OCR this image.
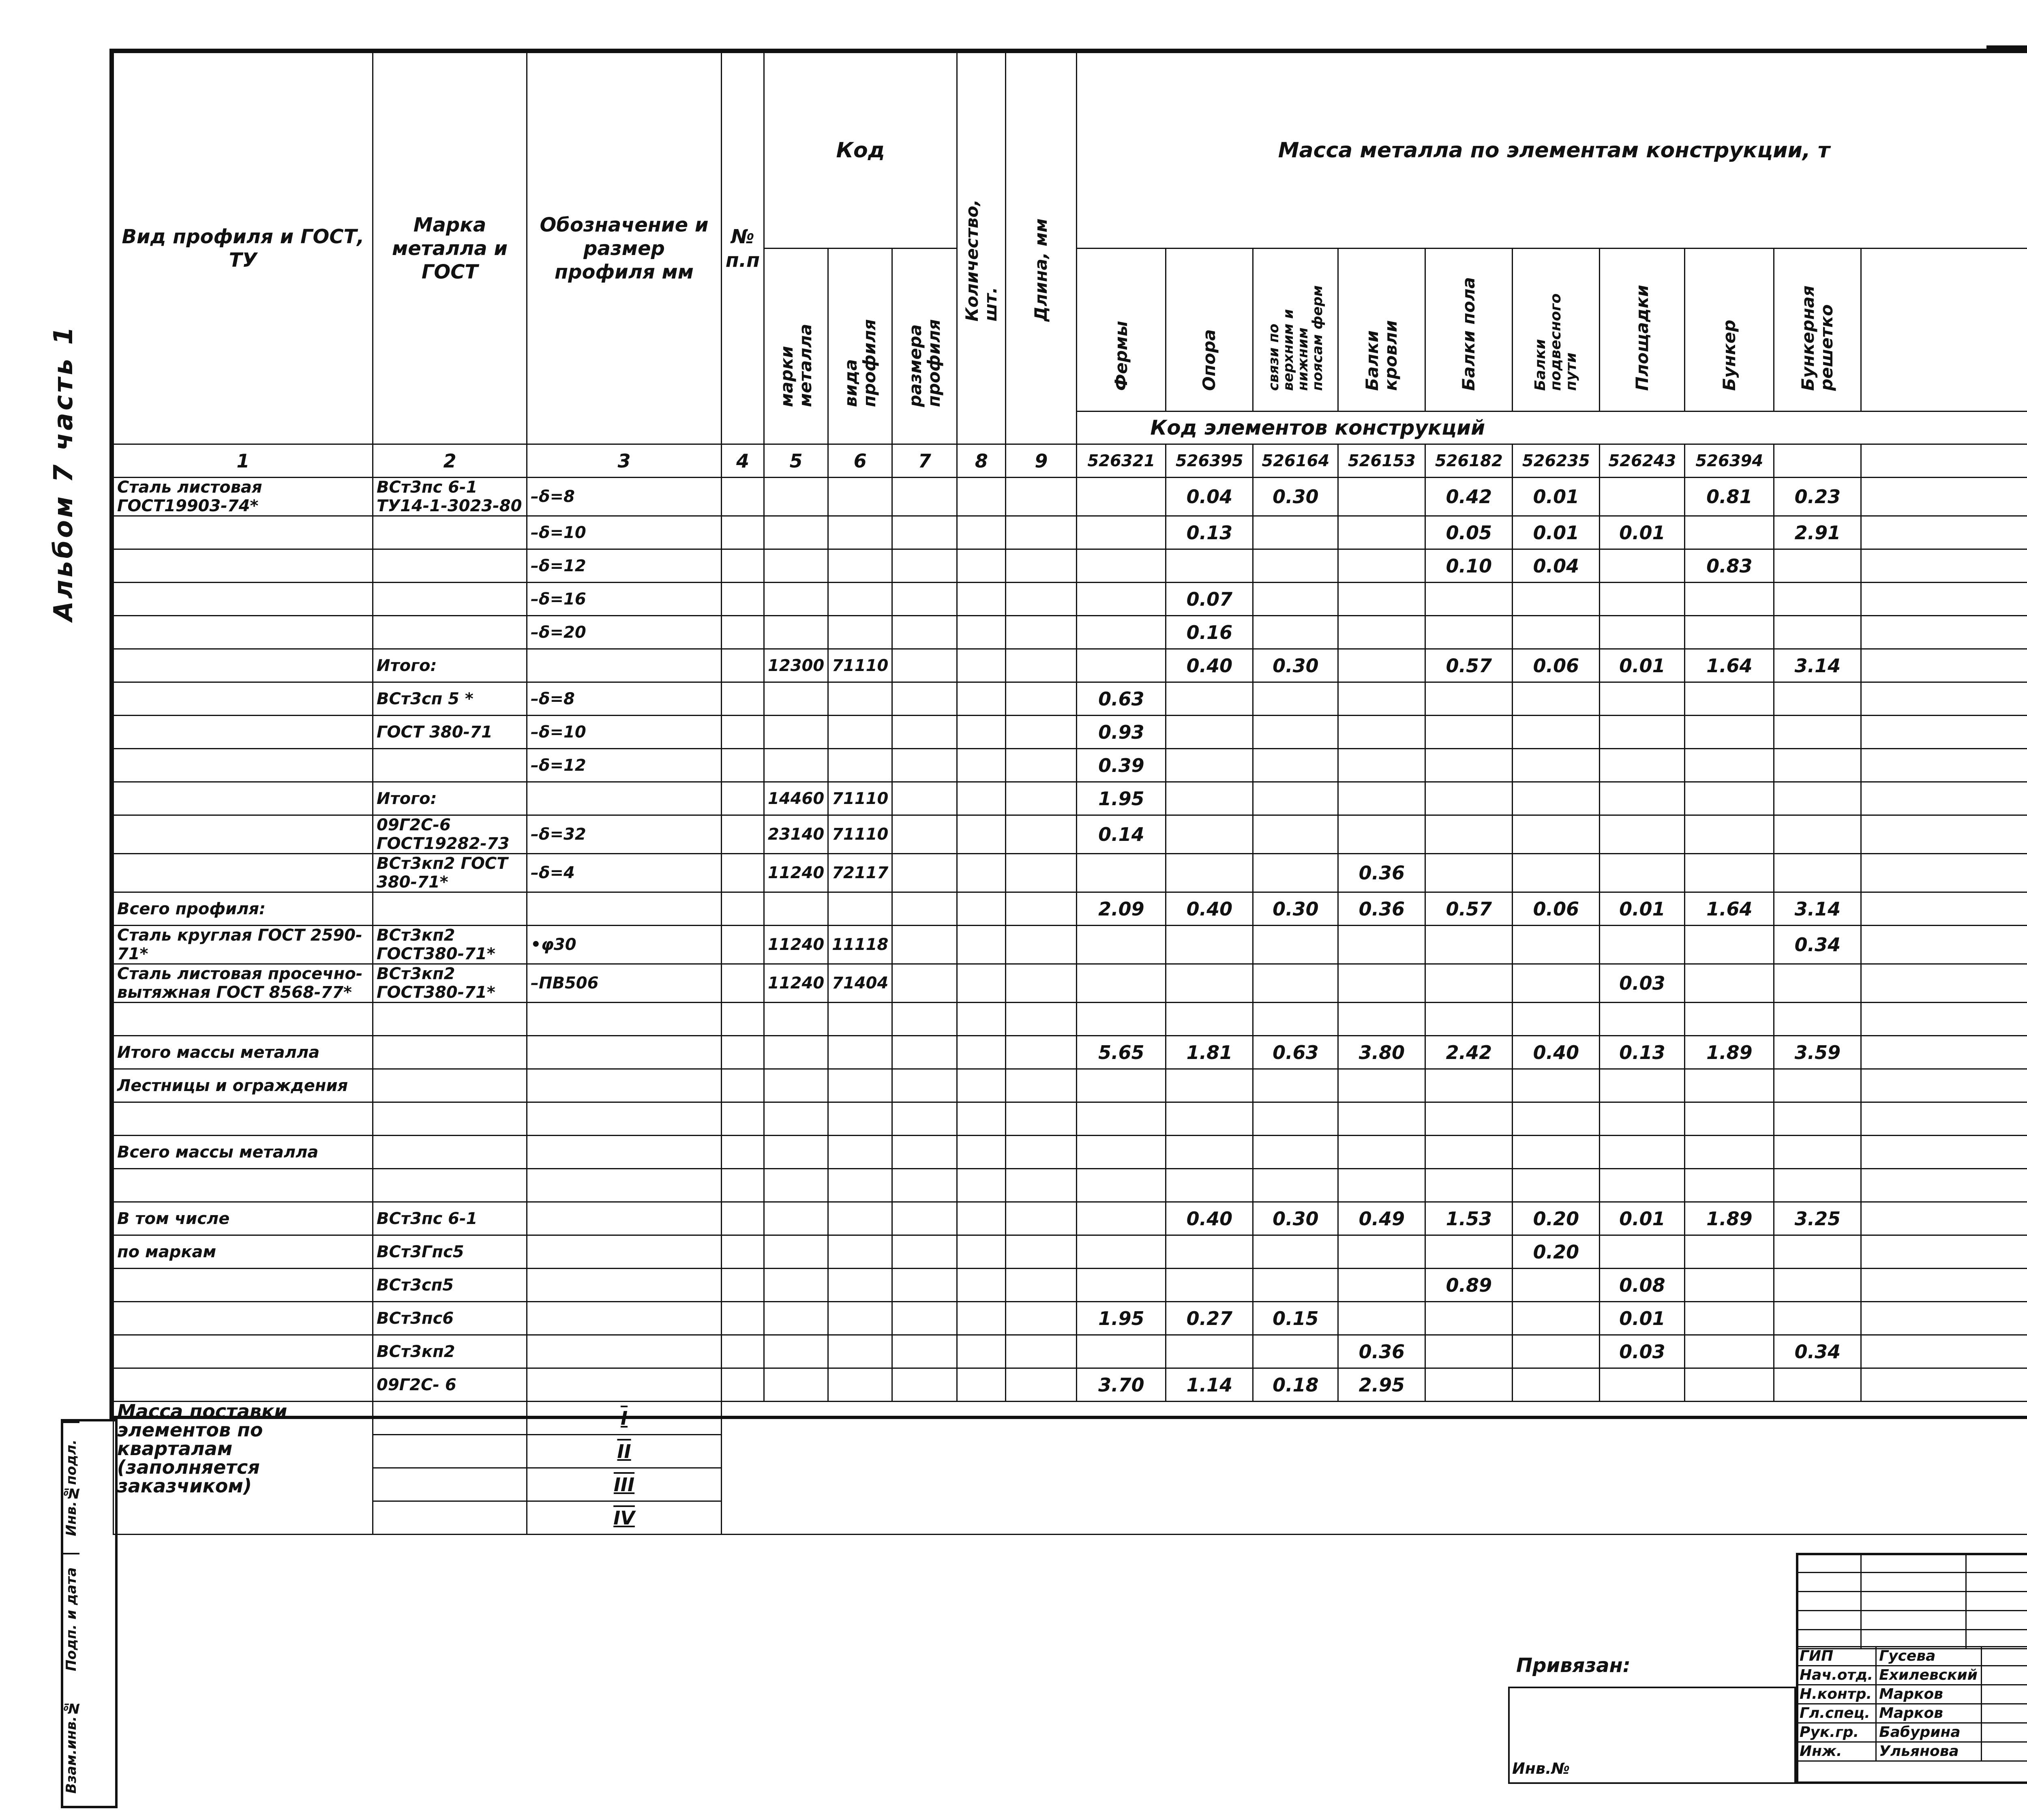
Альбом 7 часть 1
Вид профиля и ГОСТ, ТУ	Марка металла и ГОСТ	Обозначение и размер профиля мм	№ п.п	Код			Количество, шт.	Длина, мм	Масса металла по элементам конструкции, т	

				марки металла	вида профиля	размера профиля			Фермы	Опора	связи по верхним и нижним поясам ферм	Балки кровли	Балки пола	Балки подвесного пути	Площадки	Бункер	Бункерная решетко

									Код элементов конструкций															
1	2	3	4	5	6	7	8	9	526321	526395	526164	526153	526182	526235	526243	526394								
Сталь листовая ГОСТ19903-74*	ВСт3пс 6-1 ТУ14-1-3023-80	–δ=8								0.04	0.30		0.42	0.01		0.81	0.23							
		–δ=10								0.13			0.05	0.01	0.01		2.91							
		–δ=12											0.10	0.04		0.83								
		–δ=16								0.07														
		–δ=20								0.16														
	Итого:			12300	71110					0.40	0.30		0.57	0.06	0.01	1.64	3.14							
	ВСт3сп 5 *	–δ=8							0.63															
	ГОСТ 380-71	–δ=10							0.93															
		–δ=12							0.39															
	Итого:			14460	71110				1.95															
	09Г2С-6 ГОСТ19282-73	–δ=32		23140	71110				0.14															
	ВСт3кп2 ГОСТ 380-71*	–δ=4		11240	72117							0.36												
Всего профиля:									2.09	0.40	0.30	0.36	0.57	0.06	0.01	1.64	3.14							
Сталь круглая ГОСТ 2590-71*	ВСт3кп2 ГОСТ380-71*	•φ30		11240	11118												0.34							
Сталь листовая просечно-вытяжная ГОСТ 8568-77*	ВСт3кп2 ГОСТ380-71*	–ПВ506		11240	71404										0.03									

Итого массы металла									5.65	1.81	0.63	3.80	2.42	0.40	0.13	1.89	3.59							
Лестницы и ограждения																								

Всего массы металла																								

В том числе	ВСт3пс 6-1									0.40	0.30	0.49	1.53	0.20	0.01	1.89	3.25							
по маркам	ВСт3Гпс5													0.20										
	ВСт3сп5												0.89		0.08									
	ВСт3пс6								1.95	0.27	0.15				0.01									
	ВСт3кп2											0.36			0.03		0.34							
	09Г2С- 6								3.70	1.14	0.18	2.95												
Масса поставки элементов по кварталам (заполняется заказчиком)		I																						
		II																						
		III																						
		IV																						
Инв.№подл.
Подп. и дата
Взам.инв.№
Привязан:
Инв.№
ГИП	Гусева		
Нач.отд.	Ехилевский		
Н.контр.	Марков		
Гл.спец.	Марков		
Рук.гр.	Бабурина		
Инж.	Ульянова		
